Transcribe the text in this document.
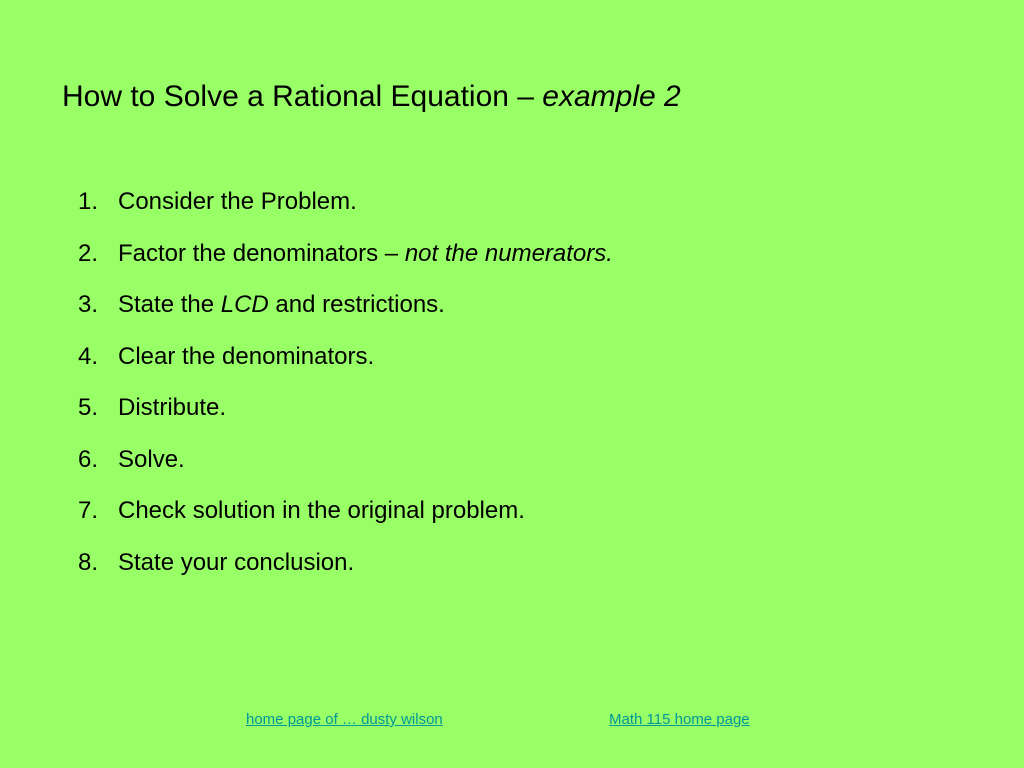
How to Solve a Rational Equation – example 2
1. Consider the Problem.
2. Factor the denominators – not the numerators.
3. State the LCD and restrictions.
4. Clear the denominators.
5. Distribute.
6. Solve.
7. Check solution in the original problem.
8. State your conclusion.
home page of … dusty wilson	Math 115 home page
